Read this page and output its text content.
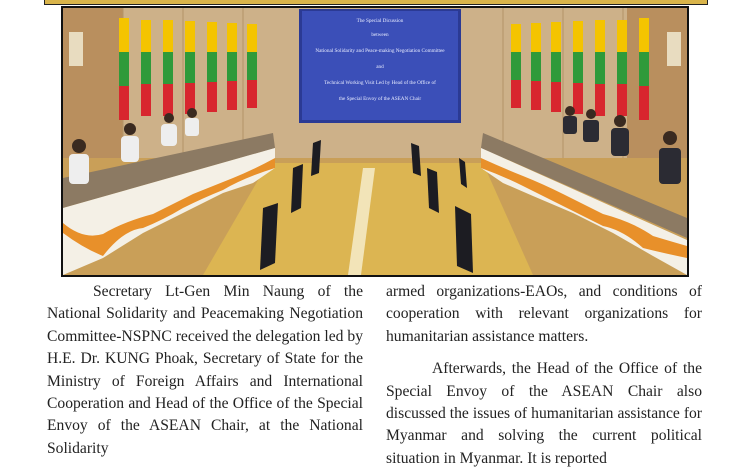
The Special Dicussion
between
National Solidarity and Peace-making Negotiation Committee
and
Technical Working Visit Led by Head of the Office of
the Special Envoy of the ASEAN Chair

Secretary Lt-Gen Min Naung of the National Solidarity and Peacemaking Negotiation Committee-NSPNC received the delegation led by H.E. Dr. KUNG Phoak, Secretary of State for the Ministry of Foreign Affairs and International Cooperation and Head of the Office of the Special Envoy of the ASEAN Chair, at the National Solidarity

armed organizations-EAOs, and conditions of cooperation with relevant organizations for humanitarian assistance matters.

Afterwards, the Head of the Office of the Special Envoy of the ASEAN Chair also discussed the issues of humanitarian assistance for Myanmar and solving the current political situation in Myanmar. It is reported
